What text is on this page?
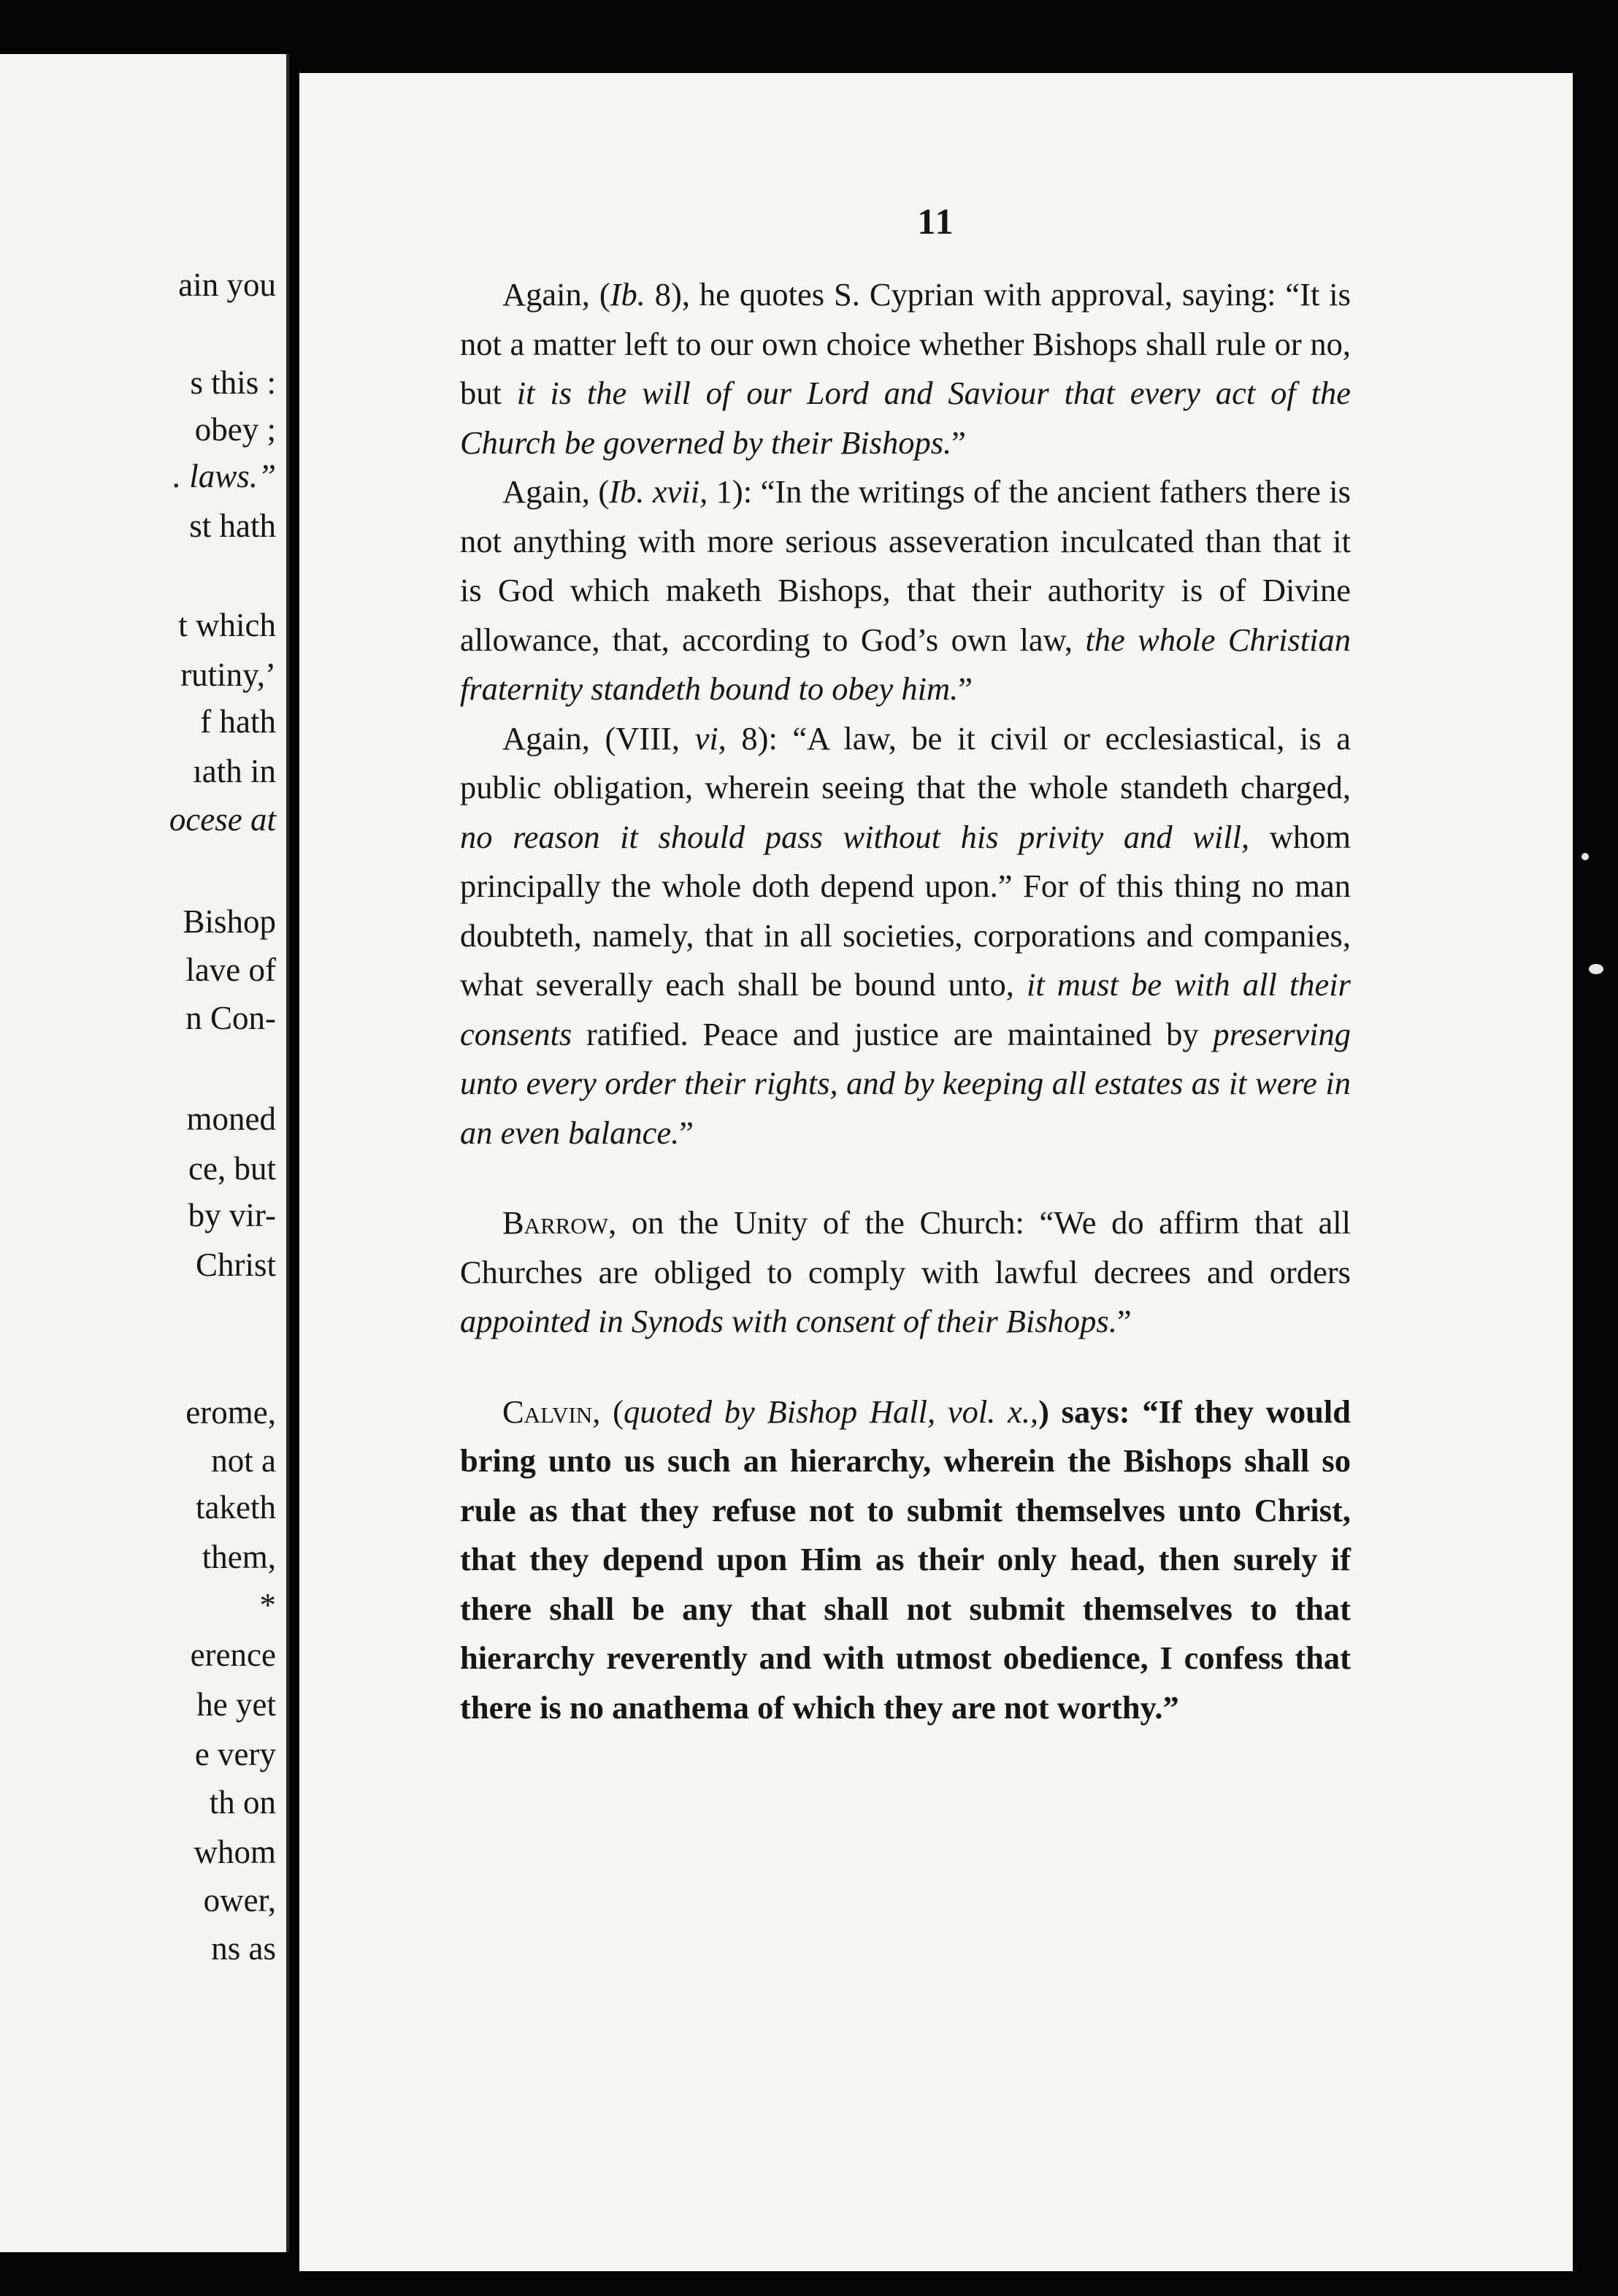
ain you
s this :
obey ;
. laws.”
st hath
t which
rutiny,’
f hath
ıath in
ocese at
Bishop
lave of
n Con-
moned
ce, but
by vir-
Christ
erome,
not a
taketh
them,
*
erence
he yet
e very
th on
whom
ower,
ns as
11

Again, (Ib. 8), he quotes S. Cyprian with approval, saying: “It is not a matter left to our own choice whether Bishops shall rule or no, but it is the will of our Lord and Saviour that every act of the Church be governed by their Bishops.”

Again, (Ib. xvii, 1): “In the writings of the ancient fathers there is not anything with more serious asseveration inculcated than that it is God which maketh Bishops, that their authority is of Divine allowance, that, according to God’s own law, the whole Christian fraternity standeth bound to obey him.”

Again, (VIII, vi, 8): “A law, be it civil or ecclesiastical, is a public obligation, wherein seeing that the whole standeth charged, no reason it should pass without his privity and will, whom principally the whole doth depend upon.” For of this thing no man doubteth, namely, that in all societies, corporations and companies, what severally each shall be bound unto, it must be with all their consents ratified. Peace and justice are maintained by preserving unto every order their rights, and by keeping all estates as it were in an even balance.”

Barrow, on the Unity of the Church: “We do affirm that all Churches are obliged to comply with lawful decrees and orders appointed in Synods with consent of their Bishops.”

Calvin, (quoted by Bishop Hall, vol. x.,) says: “If they would bring unto us such an hierarchy, wherein the Bishops shall so rule as that they refuse not to submit themselves unto Christ, that they depend upon Him as their only head, then surely if there shall be any that shall not submit themselves to that hierarchy reverently and with utmost obedience, I confess that there is no anathema of which they are not worthy.”
